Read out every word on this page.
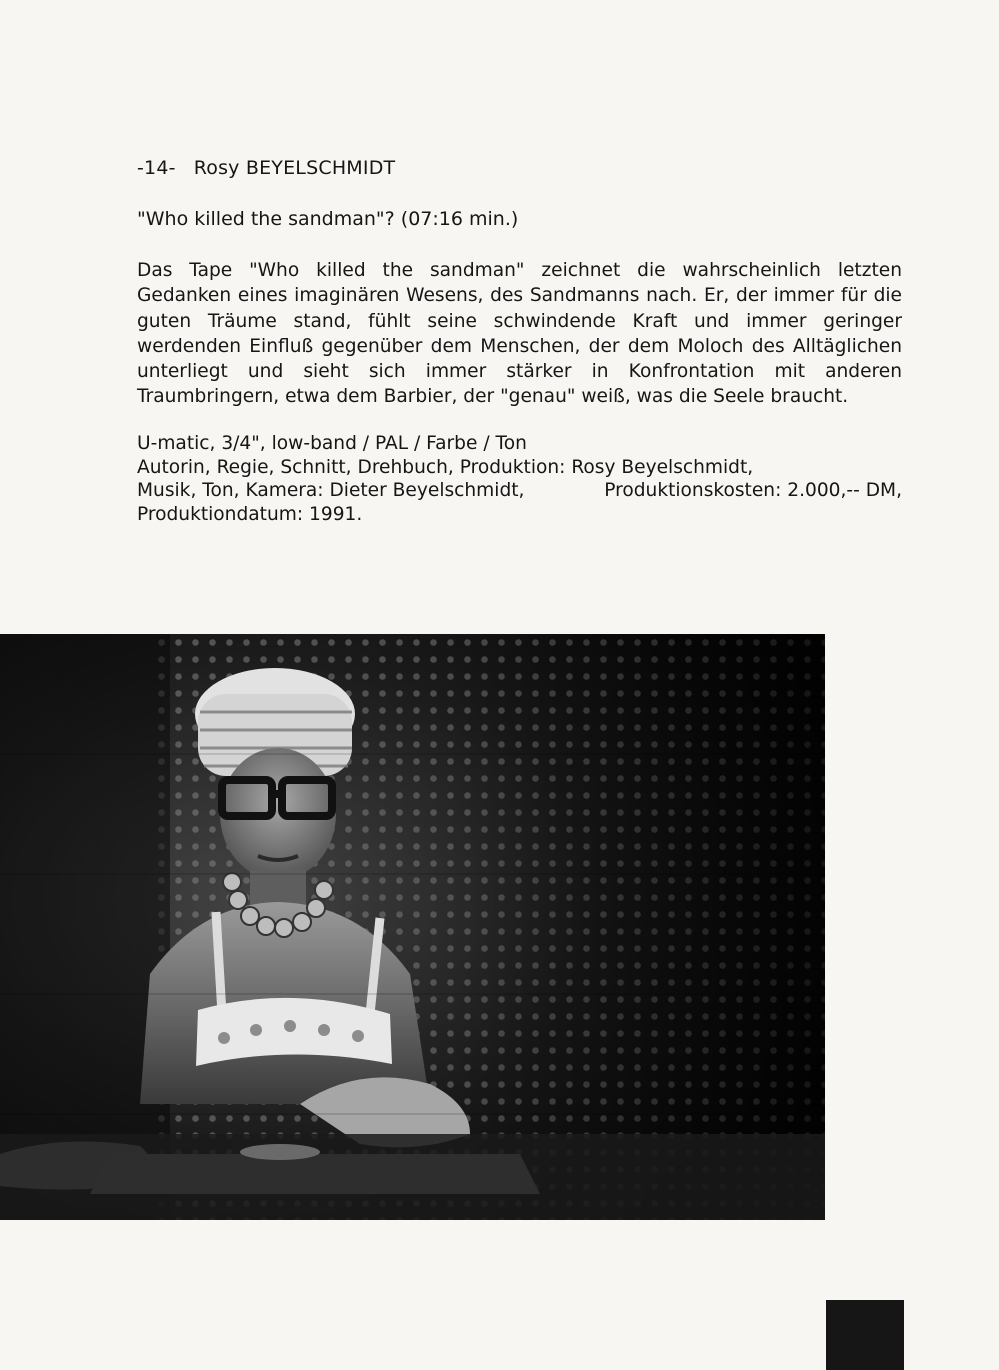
-14- Rosy BEYELSCHMIDT
"Who killed the sandman"? (07:16 min.)

Das Tape "Who killed the sandman" zeichnet die wahrscheinlich letzten Gedanken eines imaginären Wesens, des Sandmanns nach. Er, der immer für die guten Träume stand, fühlt seine schwindende Kraft und immer geringer werdenden Einfluß gegenüber dem Menschen, der dem Moloch des Alltäglichen unterliegt und sieht sich immer stärker in Konfrontation mit anderen Traumbringern, etwa dem Barbier, der "genau" weiß, was die Seele braucht.

U-matic, 3/4", low-band / PAL / Farbe / Ton
Autorin, Regie, Schnitt, Drehbuch, Produktion: Rosy Beyelschmidt,
Musik, Ton, Kamera: Dieter Beyelschmidt,	Produktionskosten: 2.000,-- DM,
Produktiondatum: 1991.
